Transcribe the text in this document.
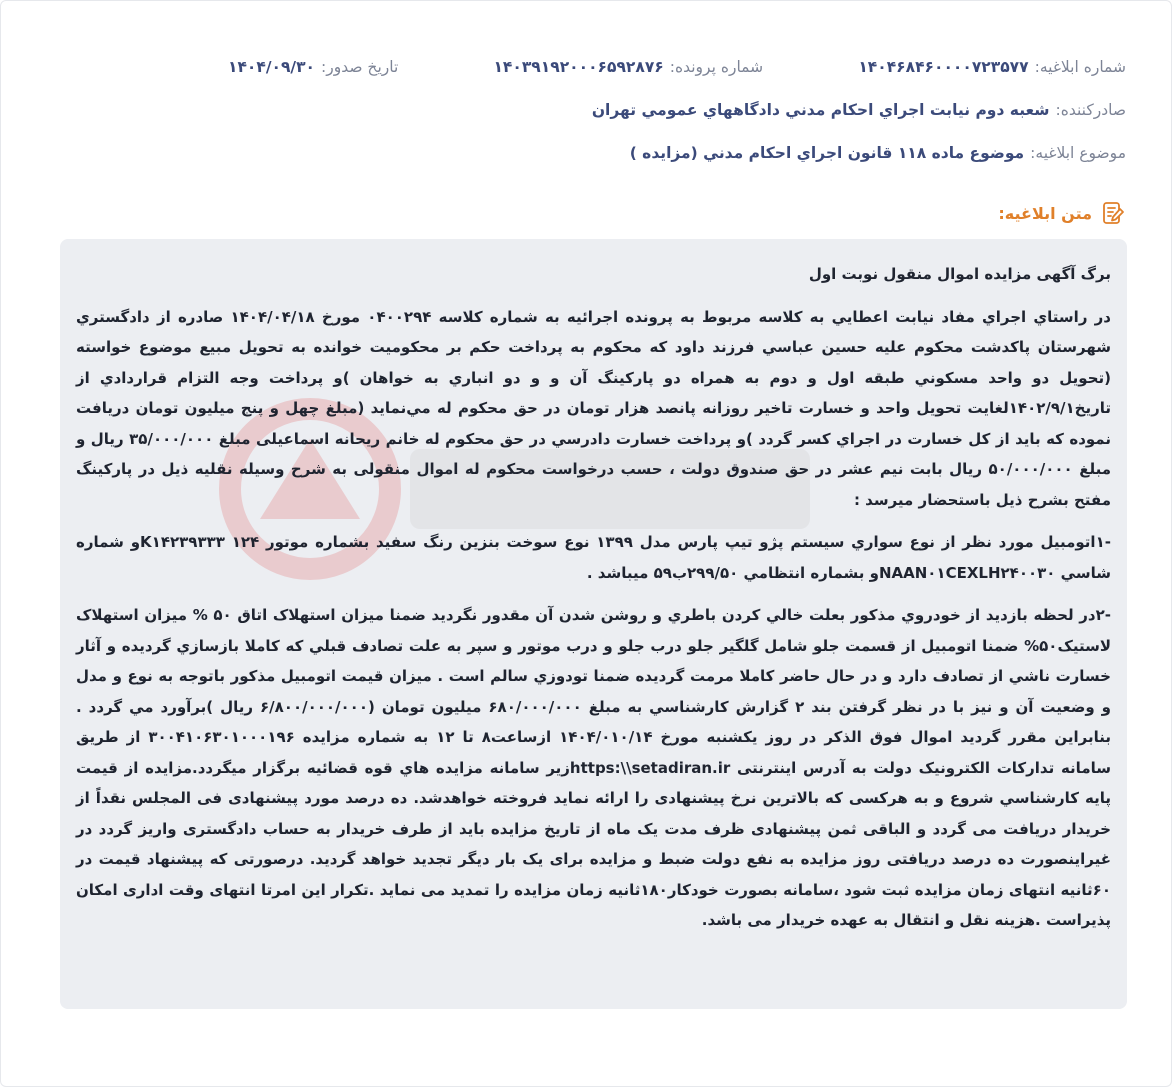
شماره ابلاغيه:
۱۴۰۴۶۸۴۶۰۰۰۰۷۲۳۵۷۷
شماره پرونده:
۱۴۰۳۹۱۹۲۰۰۰۶۵۹۲۸۷۶
تاريخ صدور:
۱۴۰۴/۰۹/۳۰
صادرکننده:
شعبه دوم نيابت اجراي احکام مدني دادگاههاي عمومي تهران
موضوع ابلاغيه:
موضوع ماده ۱۱۸ قانون اجراي احکام مدني (مزايده )
متن ابلاغيه:

برگ آگهی مزایده اموال منقول نوبت اول

در راستاي اجراي مفاد نيابت اعطايي به کلاسه مربوط به پرونده اجرائيه به شماره کلاسه ۰۴۰۰۲۹۴ مورخ ۱۴۰۴/۰۴/۱۸ صادره از دادگستري شهرستان پاکدشت محکوم عليه حسين عباسي فرزند داود که محکوم به پرداخت حکم بر محکوميت خوانده به تحويل مبيع موضوع خواسته (تحويل دو واحد مسکوني طبقه اول و دوم به همراه دو پارکينگ آن و و دو انباري به خواهان )و پرداخت وجه التزام قراردادي از تاريخ۱۴۰۲/۹/۱لغايت تحويل واحد و خسارت تاخير روزانه پانصد هزار تومان در حق محکوم له مي‌نمايد (مبلغ چهل و پنج ميليون تومان دريافت نموده که بايد از کل خسارت در اجراي کسر گردد )و پرداخت خسارت دادرسي در حق محکوم له خانم ريحانه اسماعيلی مبلغ ۳۵/۰۰۰/۰۰۰ ريال و مبلغ ۵۰/۰۰۰/۰۰۰ ريال بابت نيم عشر در حق صندوق دولت ، حسب درخواست محکوم له اموال منقولی به شرح وسيله نقليه ذيل در پارکينگ مفتح بشرح ذيل باستحضار ميرسد :

-۱اتومبيل مورد نظر از نوع سواري سيستم پژو تيپ پارس مدل ۱۳۹۹ نوع سوخت بنزين رنگ سفيد بشماره موتور ۱۲۴ K۱۴۲۳۹۳۳۳و شماره شاسي NAAN۰۱CEXLH۲۴۰۰۳۰و بشماره انتظامي ۲۹۹/۵۰ب۵۹ ميباشد .

-۲در لحظه بازديد از خودروي مذکور بعلت خالي کردن باطري و روشن شدن آن مقدور نگرديد ضمنا ميزان استهلاک اتاق ۵۰ % ميزان استهلاک لاستيک۵۰% ضمنا اتومبيل از قسمت جلو شامل گلگير جلو درب جلو و درب موتور و سپر به علت تصادف قبلي که کاملا بازسازي گرديده و آثار خسارت ناشي از تصادف دارد و در حال حاضر کاملا مرمت گرديده ضمنا تودوزي سالم است . ميزان قيمت اتومبيل مذکور باتوجه به نوع و مدل و وضعيت آن و نيز با در نظر گرفتن بند ۲ گزارش کارشناسي به مبلغ ۶۸۰/۰۰۰/۰۰۰ ميليون تومان (۶/۸۰۰/۰۰۰/۰۰۰ ريال )برآورد مي گردد . بنابراين مقرر گرديد اموال فوق الذکر در روز يکشنبه مورخ ۱۴۰۴/۰۱۰/۱۴ ازساعت۸ تا ۱۲ به شماره مزايده ۳۰۰۴۱۰۶۳۰۱۰۰۰۱۹۶ از طريق سامانه تدارکات الکترونيک دولت به آدرس اينترنتی https:\\setadiran.irزير سامانه مزايده هاي قوه قضائيه برگزار ميگردد.مزايده از قيمت پايه کارشناسي شروع و به هرکسی که بالاترين نرخ پيشنهادی را ارائه نمايد فروخته خواهدشد. ده درصد مورد پيشنهادی فی المجلس نقداً از خريدار دريافت می گردد و الباقی ثمن پيشنهادی ظرف مدت يک ماه از تاريخ مزايده بايد از طرف خريدار به حساب دادگستری واريز گردد در غيراينصورت ده درصد دريافتی روز مزايده به نفع دولت ضبط و مزايده برای يک بار ديگر تجديد خواهد گرديد. درصورتی که پيشنهاد قيمت در ۶۰ثانيه انتهای زمان مزايده ثبت شود ،سامانه بصورت خودکار۱۸۰ثانيه زمان مزايده را تمديد می نمايد .تکرار اين امرتا انتهای وقت اداری امکان پذيراست .هزينه نقل و انتقال به عهده خريدار می باشد.
